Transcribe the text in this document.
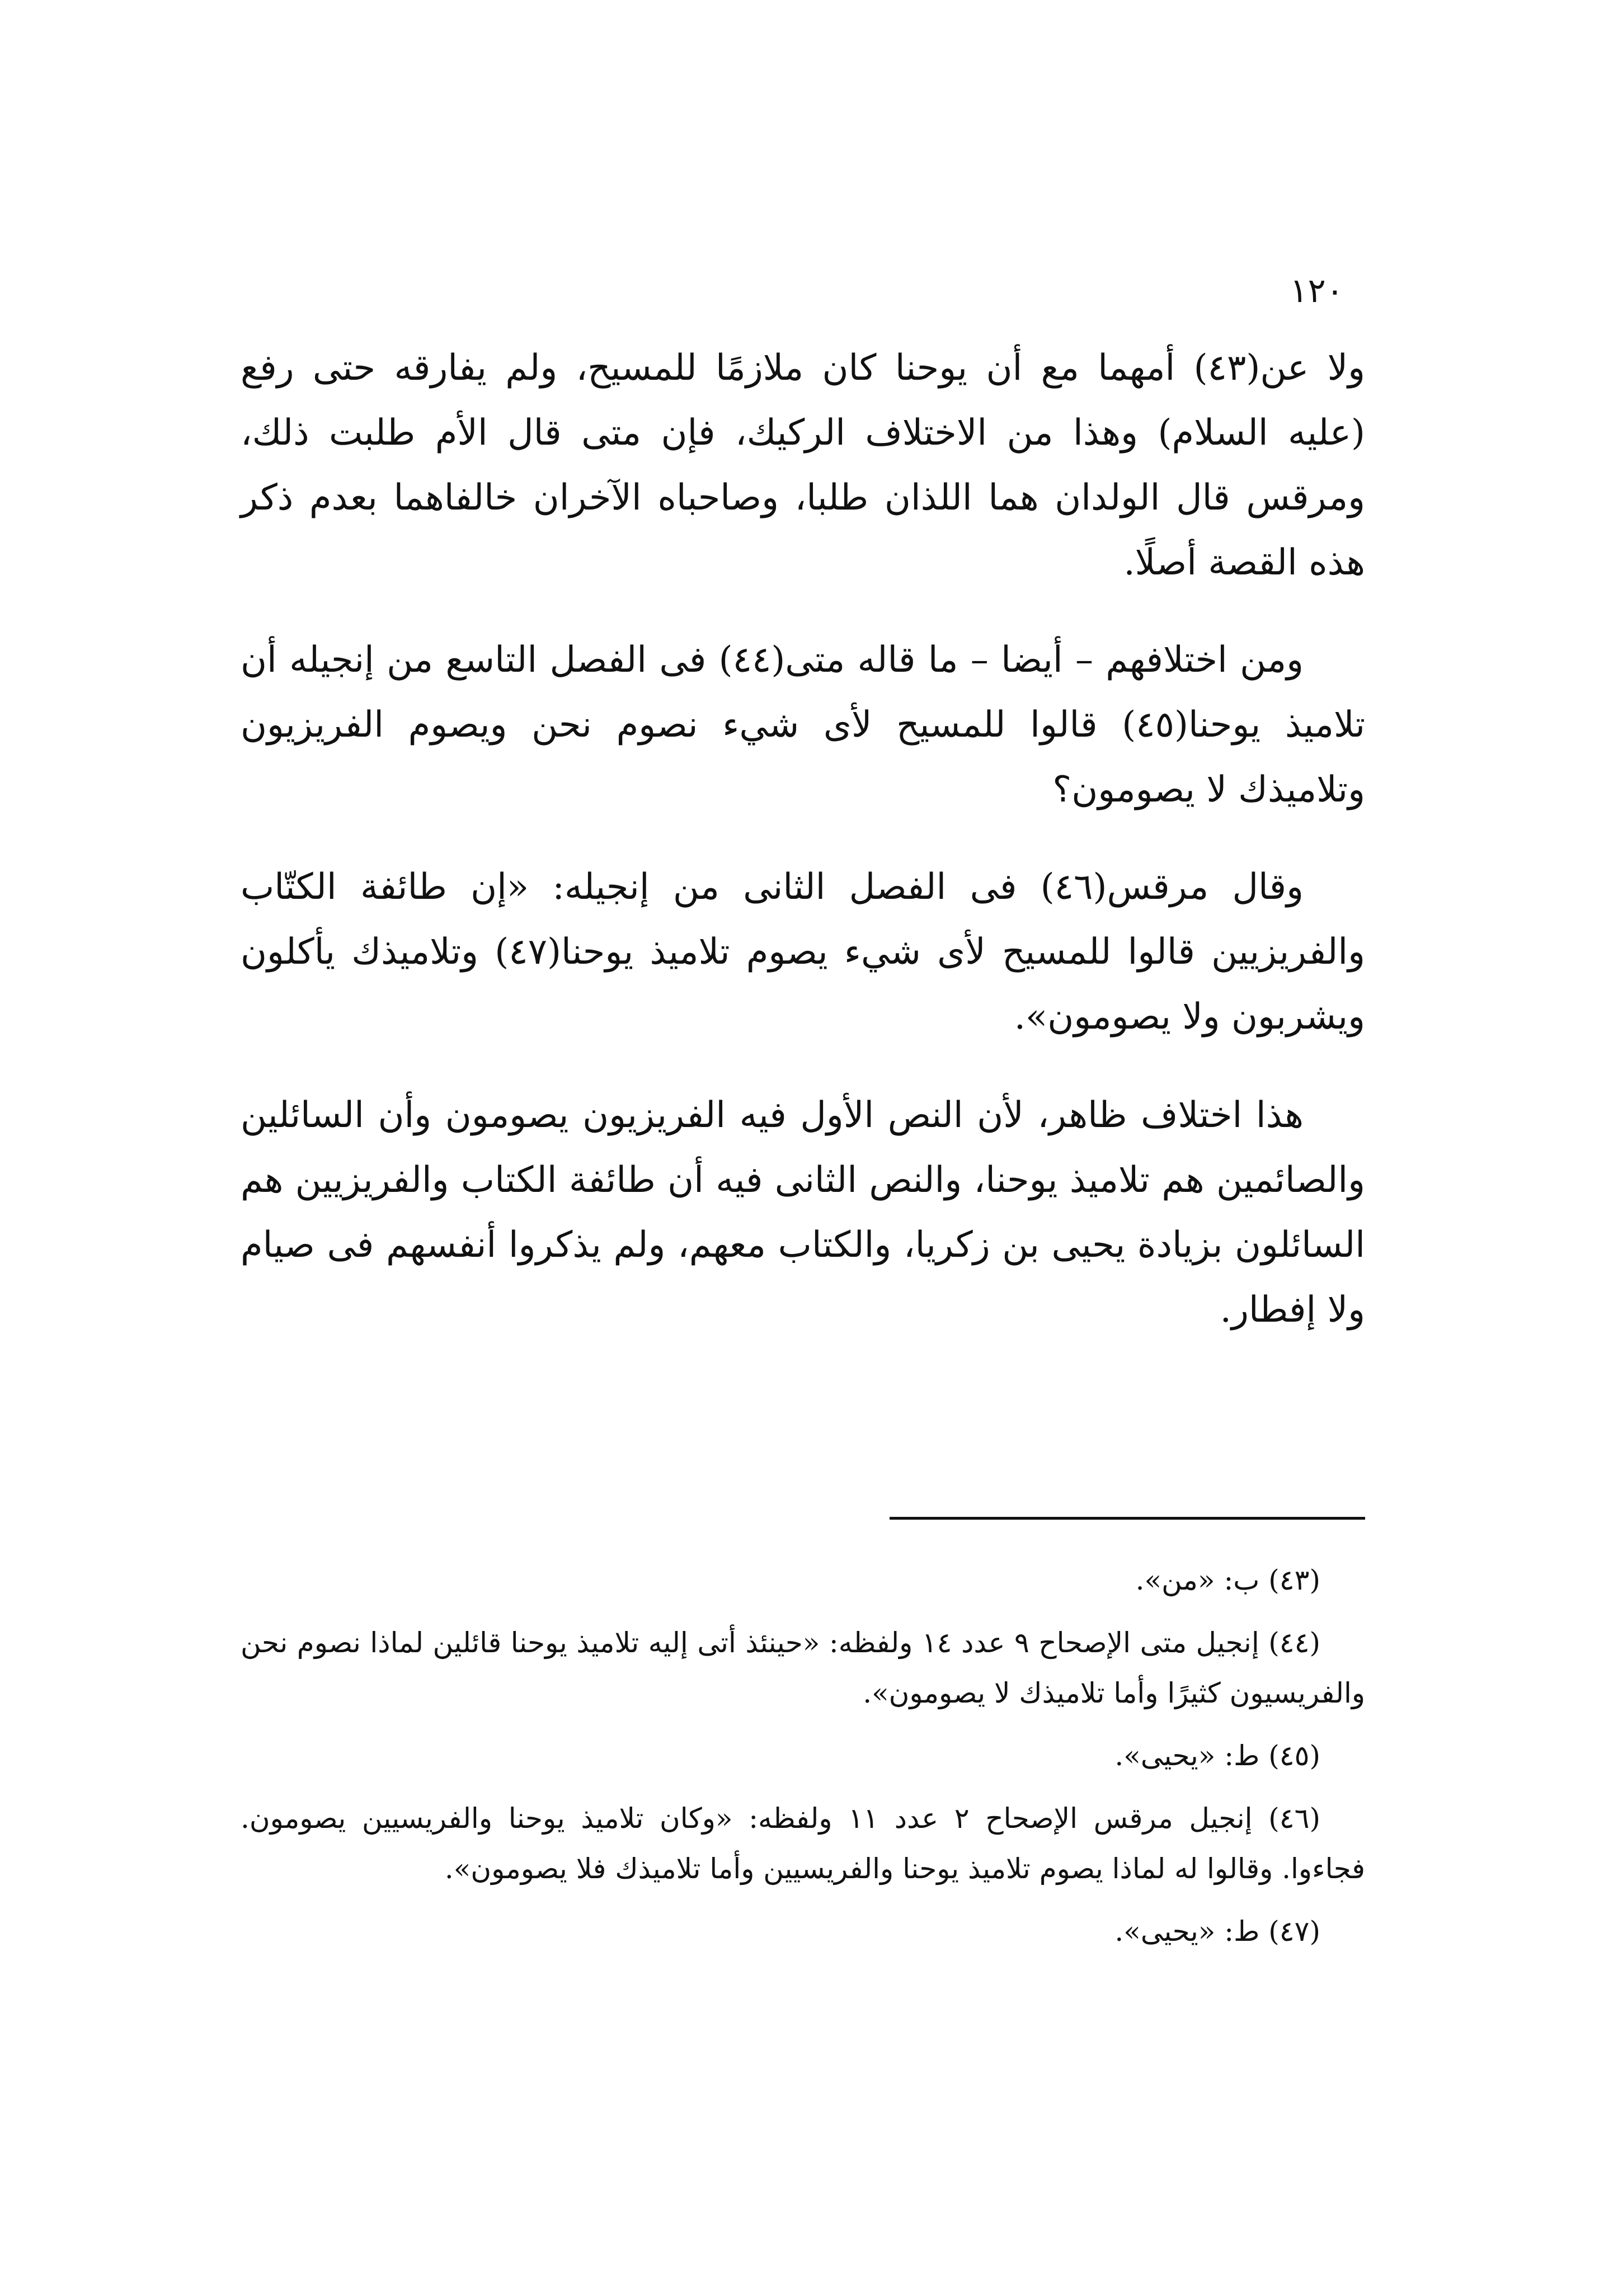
١٢٠

ولا عن(٤٣) أمهما مع أن يوحنا كان ملازمًا للمسيح، ولم يفارقه حتى رفع (عليه السلام) وهذا من الاختلاف الركيك، فإن متى قال الأم طلبت ذلك، ومرقس قال الولدان هما اللذان طلبا، وصاحباه الآخران خالفاهما بعدم ذكر هذه القصة أصلًا.

ومن اختلافهم – أيضا – ما قاله متى(٤٤) فى الفصل التاسع من إنجيله أن تلاميذ يوحنا(٤٥) قالوا للمسيح لأى شيء نصوم نحن ويصوم الفريزيون وتلاميذك لا يصومون؟

وقال مرقس(٤٦) فى الفصل الثانى من إنجيله: «إن طائفة الكتّاب والفريزيين قالوا للمسيح لأى شيء يصوم تلاميذ يوحنا(٤٧) وتلاميذك يأكلون ويشربون ولا يصومون».

هذا اختلاف ظاهر، لأن النص الأول فيه الفريزيون يصومون وأن السائلين والصائمين هم تلاميذ يوحنا، والنص الثانى فيه أن طائفة الكتاب والفريزيين هم السائلون بزيادة يحيى بن زكريا، والكتاب معهم، ولم يذكروا أنفسهم فى صيام ولا إفطار.

(٤٣) ب: «من».

(٤٤) إنجيل متى الإصحاح ٩ عدد ١٤ ولفظه: «حينئذ أتى إليه تلاميذ يوحنا قائلين لماذا نصوم نحن والفريسيون كثيرًا وأما تلاميذك لا يصومون».

(٤٥) ط: «يحيى».

(٤٦) إنجيل مرقس الإصحاح ٢ عدد ١١ ولفظه: «وكان تلاميذ يوحنا والفريسيين يصومون. فجاءوا. وقالوا له لماذا يصوم تلاميذ يوحنا والفريسيين وأما تلاميذك فلا يصومون».

(٤٧) ط: «يحيى».
